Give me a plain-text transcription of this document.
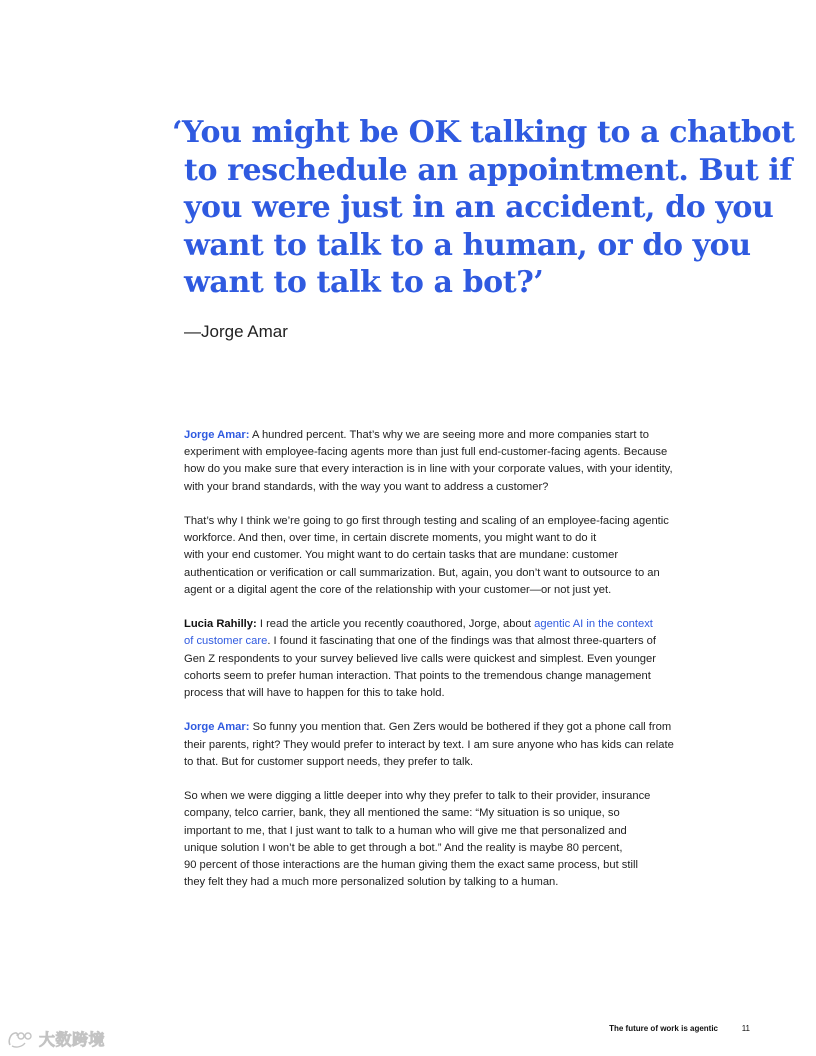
‘You might be OK talking to a chatbot
to reschedule an appointment. But if
you were just in an accident, do you
want to talk to a human, or do you
want to talk to a bot?’
—Jorge Amar

Jorge Amar: A hundred percent. That’s why we are seeing more and more companies start to
experiment with employee-facing agents more than just full end-customer-facing agents. Because
how do you make sure that every interaction is in line with your corporate values, with your identity,
with your brand standards, with the way you want to address a customer?

That’s why I think we’re going to go first through testing and scaling of an employee-facing agentic
workforce. And then, over time, in certain discrete moments, you might want to do it
with your end customer. You might want to do certain tasks that are mundane: customer
authentication or verification or call summarization. But, again, you don’t want to outsource to an
agent or a digital agent the core of the relationship with your customer—or not just yet.

Lucia Rahilly: I read the article you recently coauthored, Jorge, about agentic AI in the context
of customer care. I found it fascinating that one of the findings was that almost three-quarters of
Gen Z respondents to your survey believed live calls were quickest and simplest. Even younger
cohorts seem to prefer human interaction. That points to the tremendous change management
process that will have to happen for this to take hold.

Jorge Amar: So funny you mention that. Gen Zers would be bothered if they got a phone call from
their parents, right? They would prefer to interact by text. I am sure anyone who has kids can relate
to that. But for customer support needs, they prefer to talk.

So when we were digging a little deeper into why they prefer to talk to their provider, insurance
company, telco carrier, bank, they all mentioned the same: “My situation is so unique, so
important to me, that I just want to talk to a human who will give me that personalized and
unique solution I won’t be able to get through a bot.” And the reality is maybe 80 percent,
90 percent of those interactions are the human giving them the exact same process, but still
they felt they had a much more personalized solution by talking to a human.

The future of work is agentic	11
大数跨境
